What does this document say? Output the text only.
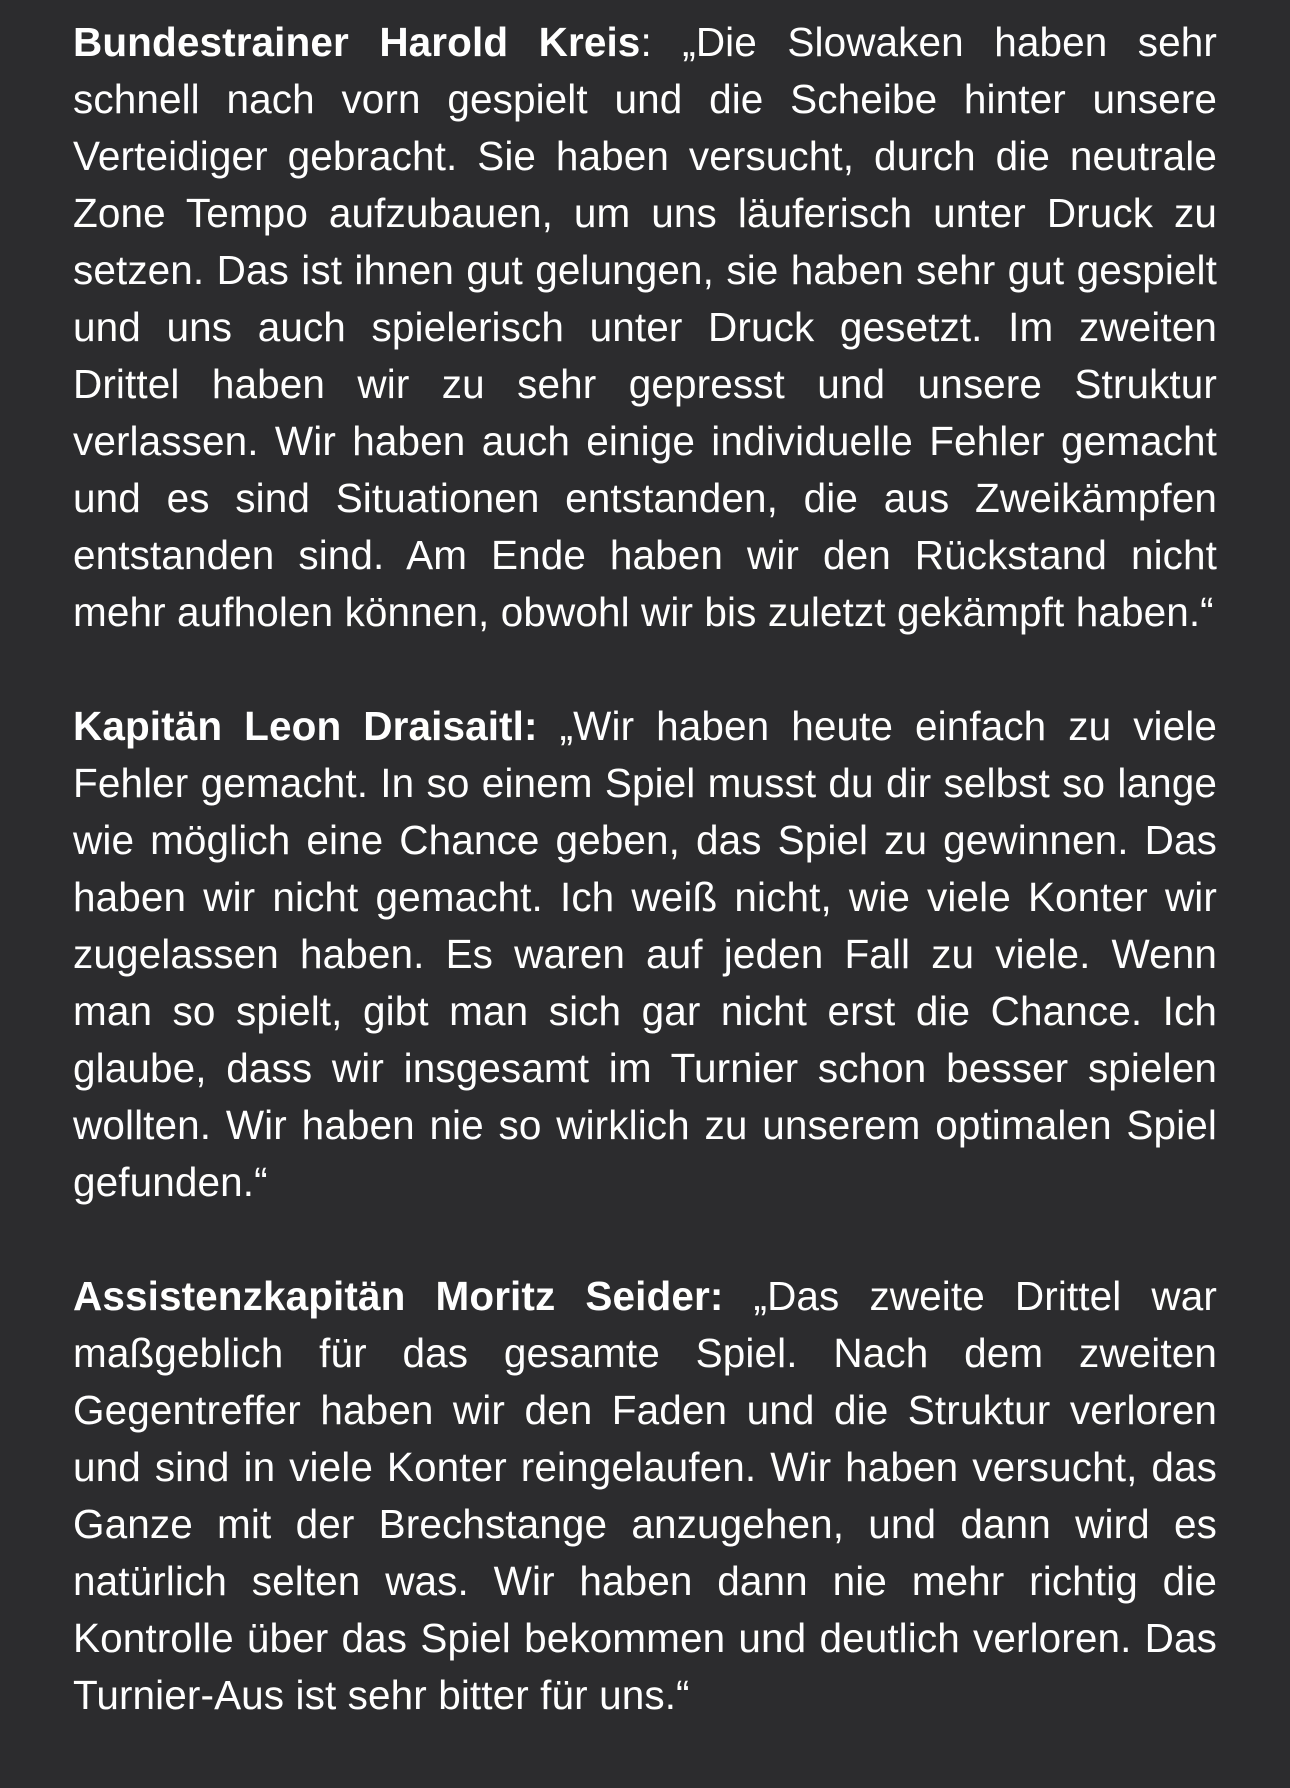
Bundestrainer Harold Kreis: „Die Slowaken haben sehr schnell nach vorn gespielt und die Scheibe hinter unsere Verteidiger gebracht. Sie haben versucht, durch die neutrale Zone Tempo aufzubauen, um uns läuferisch unter Druck zu setzen. Das ist ihnen gut gelungen, sie haben sehr gut gespielt und uns auch spielerisch unter Druck gesetzt. Im zweiten Drittel haben wir zu sehr gepresst und unsere Struktur verlassen. Wir haben auch einige individuelle Fehler gemacht und es sind Situationen entstanden, die aus Zweikämpfen entstanden sind. Am Ende haben wir den Rückstand nicht mehr aufholen können, obwohl wir bis zuletzt gekämpft haben.“

Kapitän Leon Draisaitl: „Wir haben heute einfach zu viele Fehler gemacht. In so einem Spiel musst du dir selbst so lange wie möglich eine Chance geben, das Spiel zu gewinnen. Das haben wir nicht gemacht. Ich weiß nicht, wie viele Konter wir zugelassen haben. Es waren auf jeden Fall zu viele. Wenn man so spielt, gibt man sich gar nicht erst die Chance. Ich glaube, dass wir insgesamt im Turnier schon besser spielen wollten. Wir haben nie so wirklich zu unserem optimalen Spiel gefunden.“

Assistenzkapitän Moritz Seider: „Das zweite Drittel war maßgeblich für das gesamte Spiel. Nach dem zweiten Gegentreffer haben wir den Faden und die Struktur verloren und sind in viele Konter reingelaufen. Wir haben versucht, das Ganze mit der Brechstange anzugehen, und dann wird es natürlich selten was. Wir haben dann nie mehr richtig die Kontrolle über das Spiel bekommen und deutlich verloren. Das Turnier-Aus ist sehr bitter für uns.“
